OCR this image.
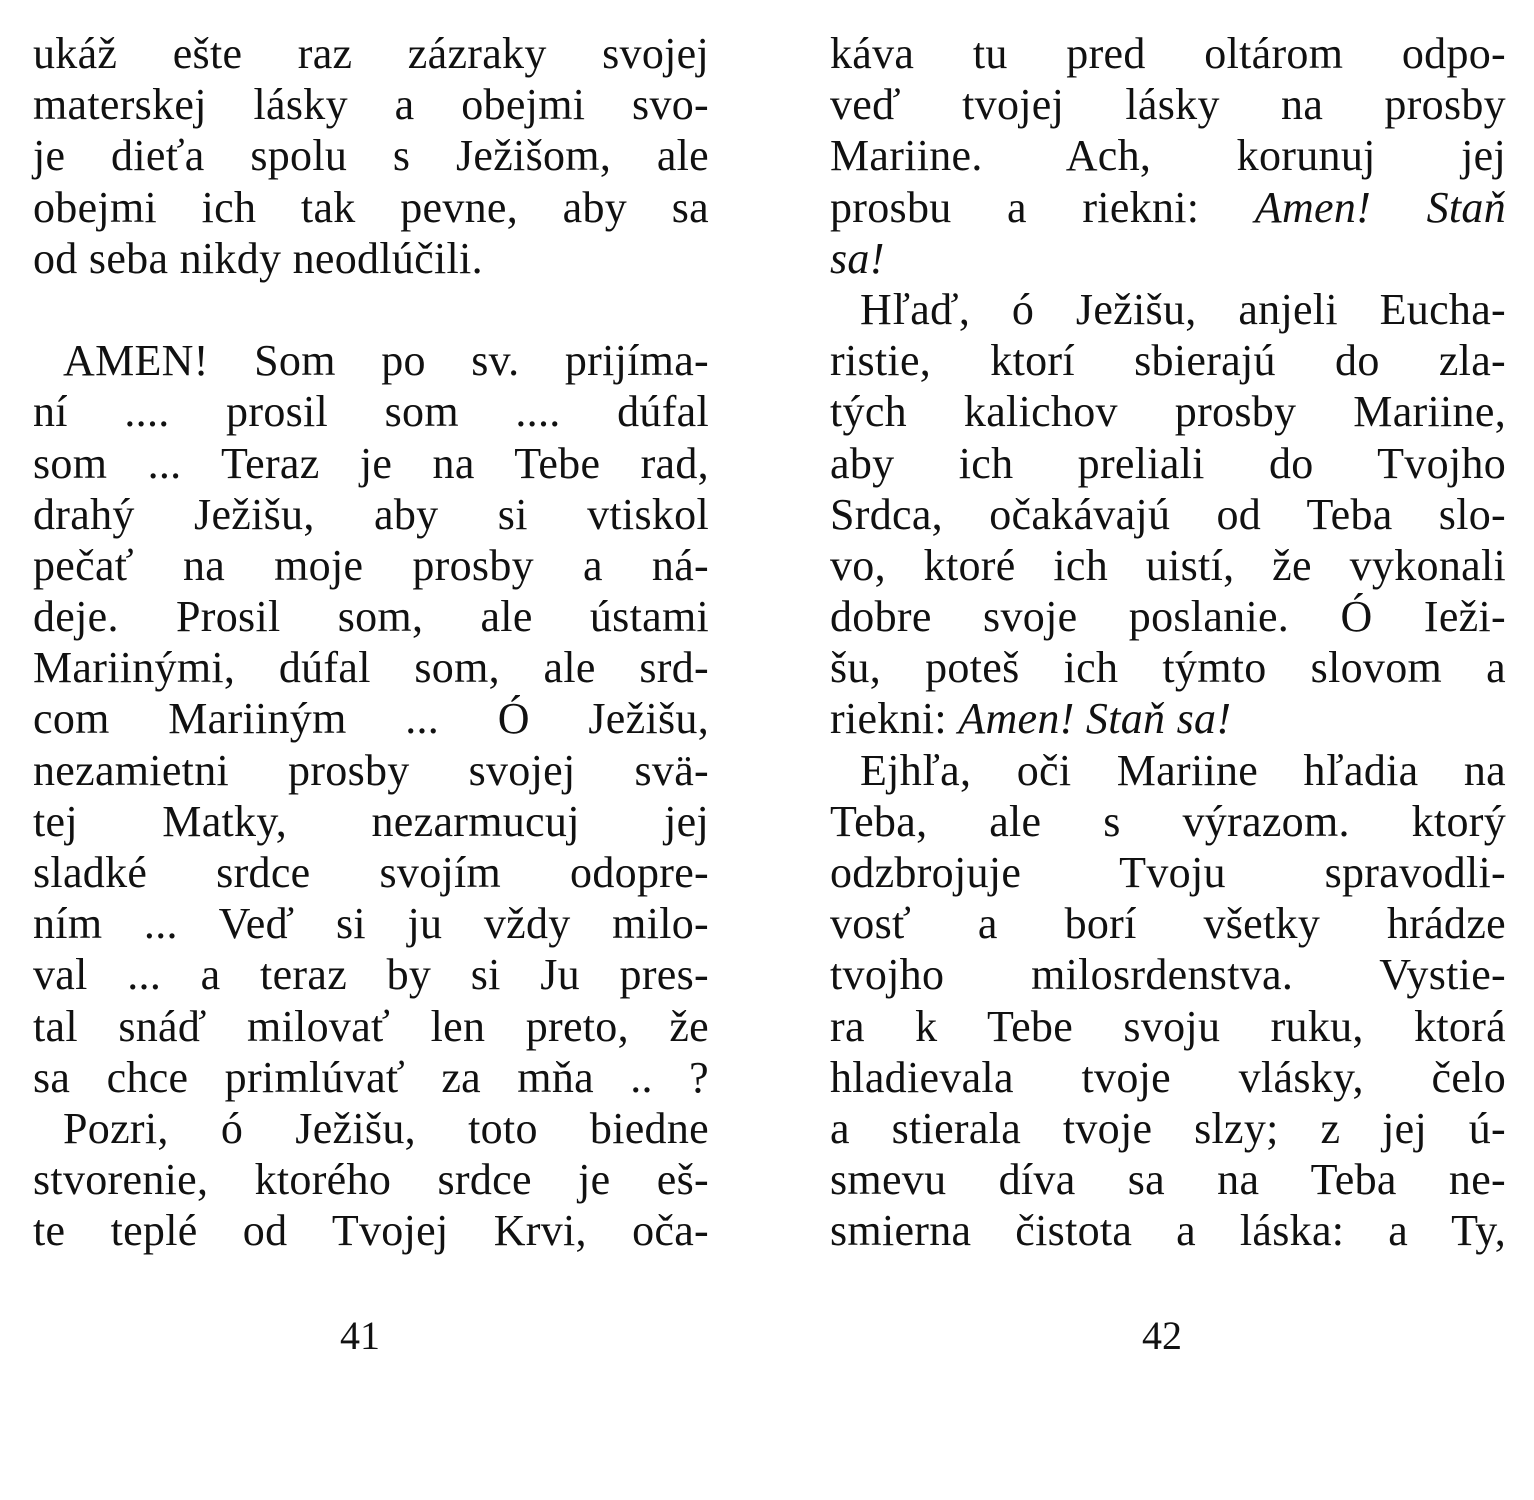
ukáž ešte raz zázraky svojej
materskej lásky a obejmi svo-
je dieťa spolu s Ježišom, ale
obejmi ich tak pevne, aby sa
od seba nikdy neodlúčili.
AMEN! Som po sv. prijíma-
ní .... prosil som .... dúfal
som ... Teraz je na Tebe rad,
drahý Ježišu, aby si vtiskol
pečať na moje prosby a ná-
deje. Prosil som, ale ústami
Mariinými, dúfal som, ale srd-
com Mariiným ... Ó Ježišu,
nezamietni prosby svojej svä-
tej Matky, nezarmucuj jej
sladké srdce svojím odopre-
ním ... Veď si ju vždy milo-
val ... a teraz by si Ju pres-
tal snáď milovať len preto, že
sa chce primlúvať za mňa .. ?
Pozri, ó Ježišu, toto biedne
stvorenie, ktorého srdce je eš-
te teplé od Tvojej Krvi, oča-
káva tu pred oltárom odpo-
veď tvojej lásky na prosby
Mariine. Ach, korunuj jej
prosbu a riekni: Amen! Staň
sa!
Hľaď, ó Ježišu, anjeli Eucha-
ristie, ktorí sbierajú do zla-
tých kalichov prosby Mariine,
aby ich preliali do Tvojho
Srdca, očakávajú od Teba slo-
vo, ktoré ich uistí, že vykonali
dobre svoje poslanie. Ó Ieži-
šu, poteš ich týmto slovom a
riekni: Amen! Staň sa!
Ejhľa, oči Mariine hľadia na
Teba, ale s výrazom. ktorý
odzbrojuje Tvoju spravodli-
vosť a borí všetky hrádze
tvojho milosrdenstva. Vystie-
ra k Tebe svoju ruku, ktorá
hladievala tvoje vlásky, čelo
a stierala tvoje slzy; z jej ú-
smevu díva sa na Teba ne-
smierna čistota a láska: a Ty,
41	42
